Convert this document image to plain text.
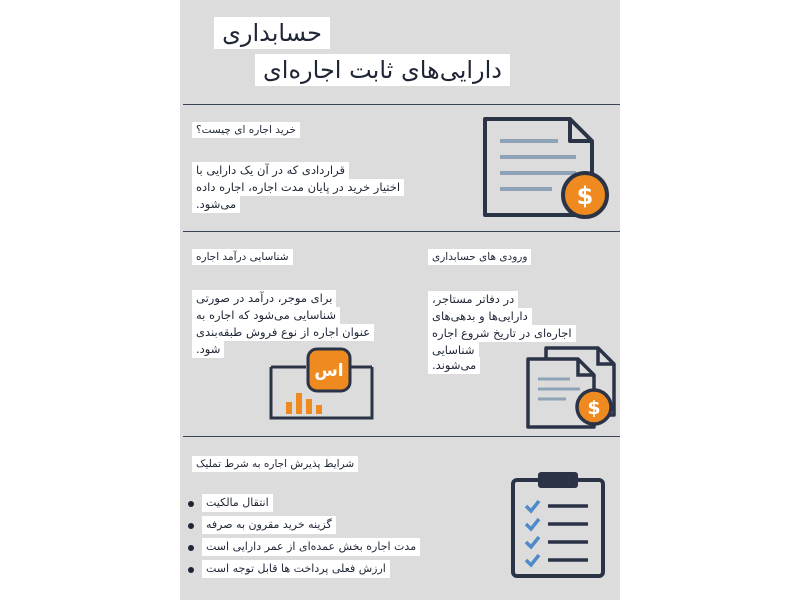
حسابداری
دارایی‌های ثابت اجاره‌ای
خرید اجاره ای چیست؟
قراردادی که در آن یک دارایی با
اختیار خرید در پایان مدت اجاره، اجاره داده
می‌شود.	$
شناسایی درآمد اجاره
برای موجر، درآمد در صورتی
شناسایی می‌شود که اجاره به
عنوان اجاره از نوع فروش طبقه‌بندی
شود.
اس
ورودی های حسابداری
در دفاتر مستاجر،
دارایی‌ها و بدهی‌های
اجاره‌ای در تاریخ شروع اجاره
شناسایی
می‌شوند.
$
شرایط پذیرش اجاره به شرط تملیک
انتقال مالکیت
گزینه خرید مقرون به صرفه
مدت اجاره بخش عمده‌ای از عمر دارایی است
ارزش فعلی پرداخت ها قابل توجه است
